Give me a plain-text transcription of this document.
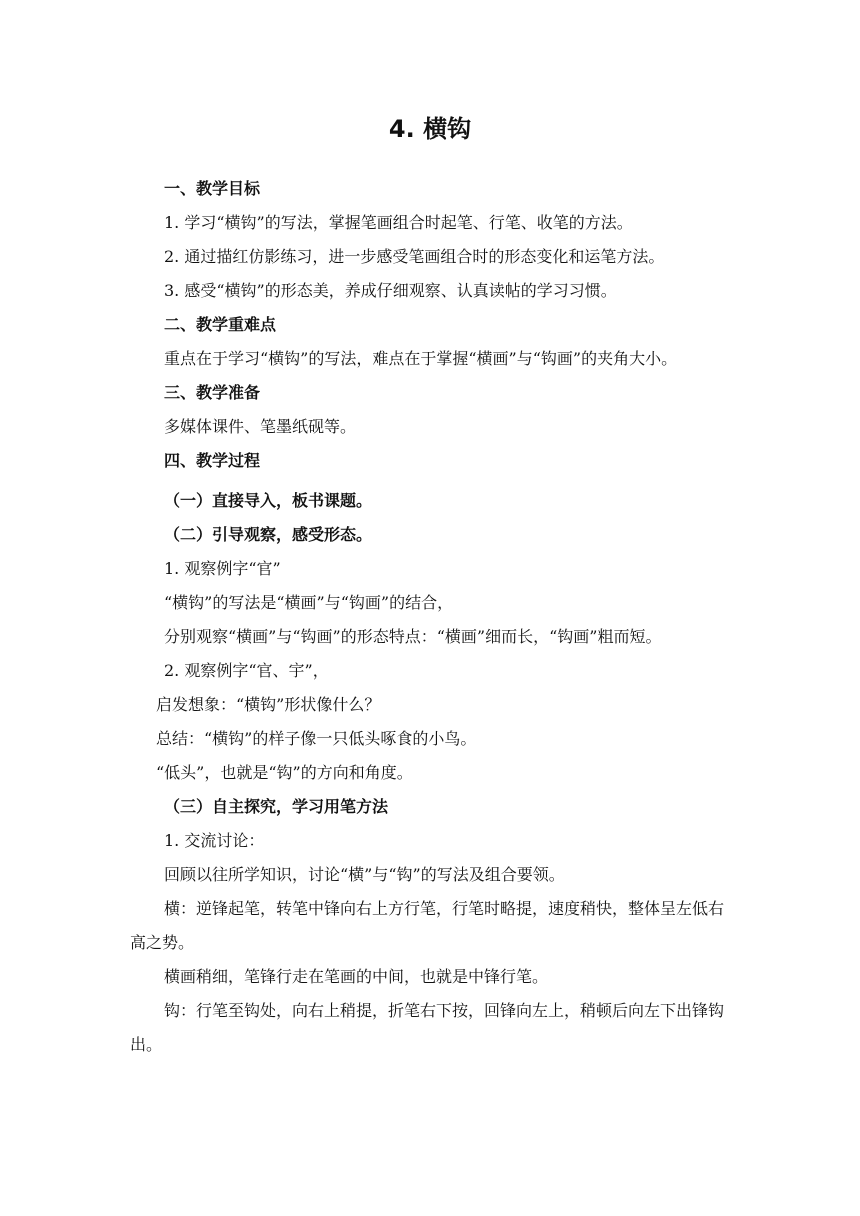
4. 横钩

一、教学目标

1. 学习“横钩”的写法，掌握笔画组合时起笔、行笔、收笔的方法。

2. 通过描红仿影练习，进一步感受笔画组合时的形态变化和运笔方法。

3. 感受“横钩”的形态美，养成仔细观察、认真读帖的学习习惯。

二、教学重难点

重点在于学习“横钩”的写法，难点在于掌握“横画”与“钩画”的夹角大小。

三、教学准备

多媒体课件、笔墨纸砚等。

四、教学过程

（一）直接导入，板书课题。

（二）引导观察，感受形态。

1. 观察例字“官”

“横钩”的写法是“横画”与“钩画”的结合，

分别观察“横画”与“钩画”的形态特点：“横画”细而长，“钩画”粗而短。

2. 观察例字“官、宇”，

启发想象：“横钩”形状像什么？

总结：“横钩”的样子像一只低头啄食的小鸟。

“低头”，也就是“钩”的方向和角度。

（三）自主探究，学习用笔方法

1. 交流讨论：

回顾以往所学知识，讨论“横”与“钩”的写法及组合要领。

横：逆锋起笔，转笔中锋向右上方行笔，行笔时略提，速度稍快，整体呈左低右高之势。

横画稍细，笔锋行走在笔画的中间，也就是中锋行笔。

钩：行笔至钩处，向右上稍提，折笔右下按，回锋向左上，稍顿后向左下出锋钩出。
